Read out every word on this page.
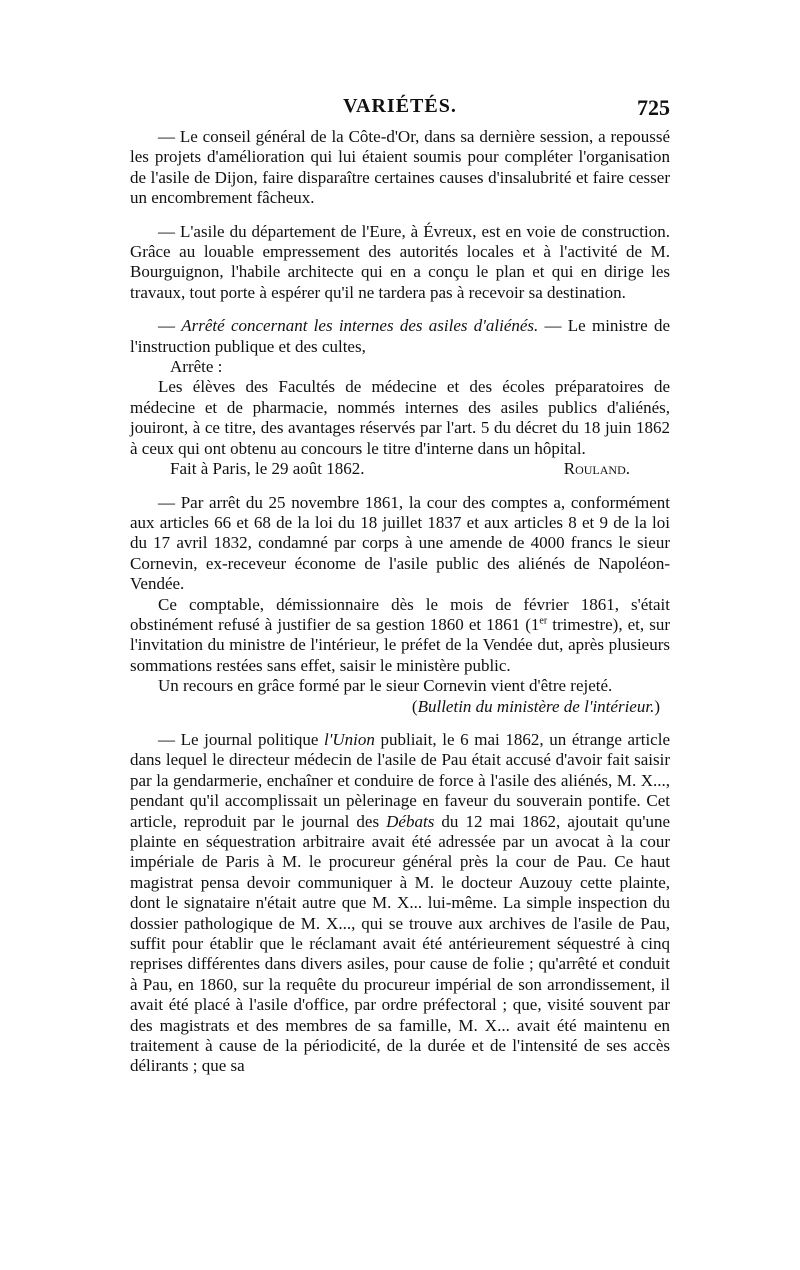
VARIÉTÉS.	725

— Le conseil général de la Côte-d'Or, dans sa dernière session, a repoussé les projets d'amélioration qui lui étaient soumis pour compléter l'organisation de l'asile de Dijon, faire disparaître certaines causes d'insalubrité et faire cesser un encombrement fâcheux.

— L'asile du département de l'Eure, à Évreux, est en voie de construction. Grâce au louable empressement des autorités locales et à l'activité de M. Bourguignon, l'habile architecte qui en a conçu le plan et qui en dirige les travaux, tout porte à espérer qu'il ne tardera pas à recevoir sa destination.

— Arrêté concernant les internes des asiles d'aliénés. — Le ministre de l'instruction publique et des cultes,

Arrête :

Les élèves des Facultés de médecine et des écoles préparatoires de médecine et de pharmacie, nommés internes des asiles publics d'aliénés, jouiront, à ce titre, des avantages réservés par l'art. 5 du décret du 18 juin 1862 à ceux qui ont obtenu au concours le titre d'interne dans un hôpital.

Fait à Paris, le 29 août 1862.	Rouland.

— Par arrêt du 25 novembre 1861, la cour des comptes a, conformément aux articles 66 et 68 de la loi du 18 juillet 1837 et aux articles 8 et 9 de la loi du 17 avril 1832, condamné par corps à une amende de 4000 francs le sieur Cornevin, ex-receveur économe de l'asile public des aliénés de Napoléon-Vendée.

Ce comptable, démissionnaire dès le mois de février 1861, s'était obstinément refusé à justifier de sa gestion 1860 et 1861 (1er trimestre), et, sur l'invitation du ministre de l'intérieur, le préfet de la Vendée dut, après plusieurs sommations restées sans effet, saisir le ministère public.

Un recours en grâce formé par le sieur Cornevin vient d'être rejeté.

(Bulletin du ministère de l'intérieur.)

— Le journal politique l'Union publiait, le 6 mai 1862, un étrange article dans lequel le directeur médecin de l'asile de Pau était accusé d'avoir fait saisir par la gendarmerie, enchaîner et conduire de force à l'asile des aliénés, M. X..., pendant qu'il accomplissait un pèlerinage en faveur du souverain pontife. Cet article, reproduit par le journal des Débats du 12 mai 1862, ajoutait qu'une plainte en séquestration arbitraire avait été adressée par un avocat à la cour impériale de Paris à M. le procureur général près la cour de Pau. Ce haut magistrat pensa devoir communiquer à M. le docteur Auzouy cette plainte, dont le signataire n'était autre que M. X... lui-même. La simple inspection du dossier pathologique de M. X..., qui se trouve aux archives de l'asile de Pau, suffit pour établir que le réclamant avait été antérieurement séquestré à cinq reprises différentes dans divers asiles, pour cause de folie ; qu'arrêté et conduit à Pau, en 1860, sur la requête du procureur impérial de son arrondissement, il avait été placé à l'asile d'office, par ordre préfectoral ; que, visité souvent par des magistrats et des membres de sa famille, M. X... avait été maintenu en traitement à cause de la périodicité, de la durée et de l'intensité de ses accès délirants ; que sa
